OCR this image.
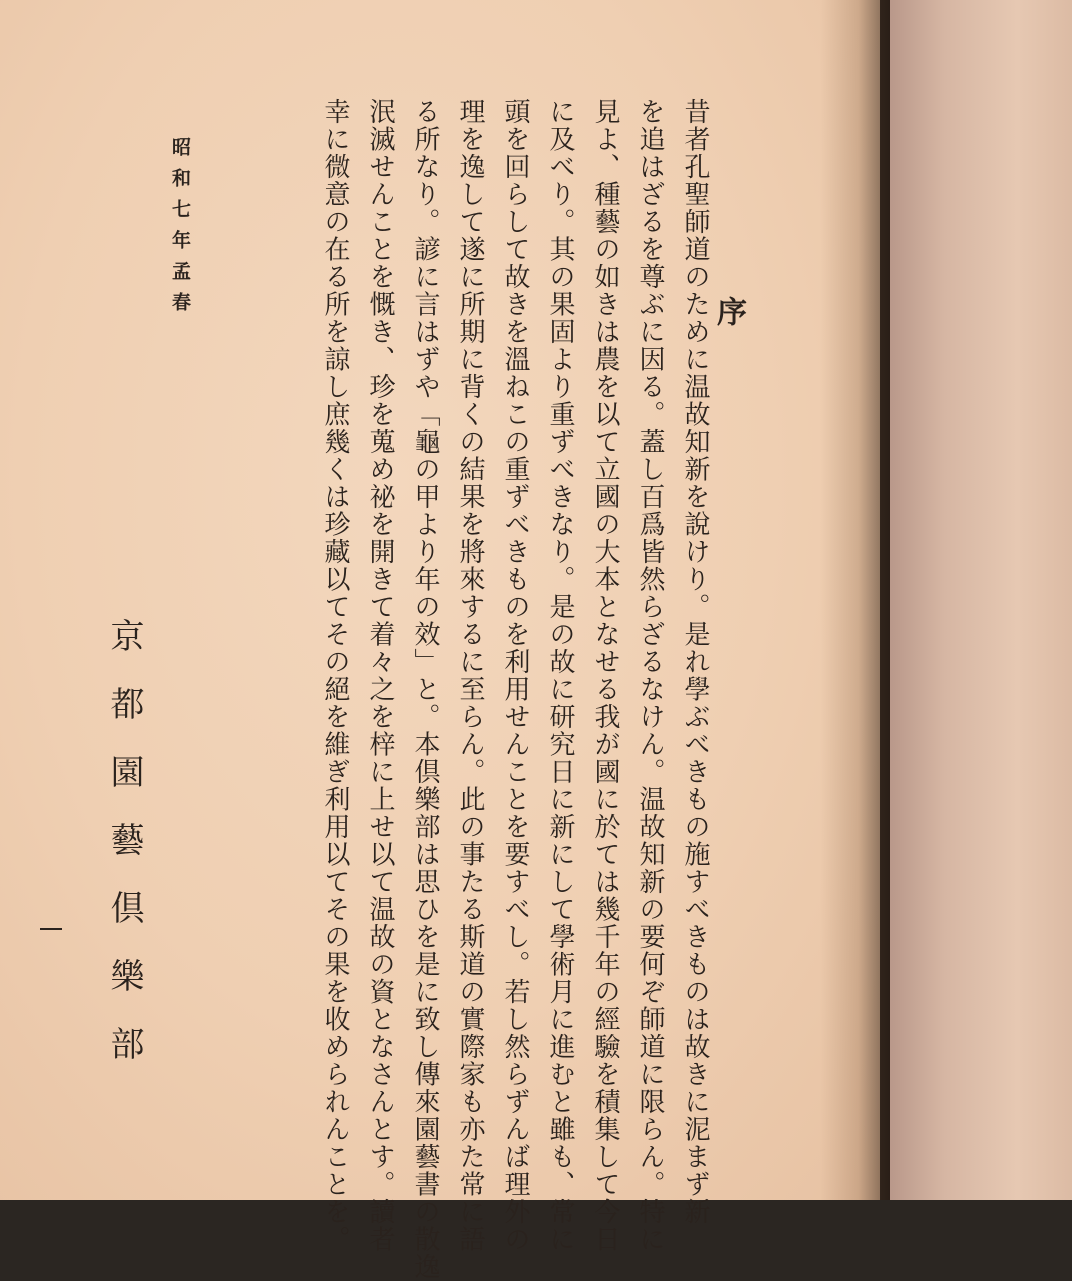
序
昔者孔聖師道のために温故知新を說けり。是れ學ぶべきもの施すべきものは故きに泥まず新
を追はざるを尊ぶに因る。蓋し百爲皆然らざるなけん。温故知新の要何ぞ師道に限らん。特に
見よ、種藝の如きは農を以て立國の大本となせる我が國に於ては幾千年の經驗を積集して今日
に及べり。其の果固より重ずべきなり。是の故に研究日に新にして學術月に進むと雖も、常に
頭を回らして故きを溫ねこの重ずべきものを利用せんことを要すべし。若し然らずんば理外の
理を逸して遂に所期に背くの結果を將來するに至らん。此の事たる斯道の實際家も亦た常に語
る所なり。諺に言はずや「龜の甲より年の效」と。本倶樂部は思ひを是に致し傳來園藝書の散逸
泯滅せんことを慨き、珍を蒐め祕を開きて着々之を梓に上せ以て温故の資となさんとす。讀者
幸に微意の在る所を諒し庶幾くは珍藏以てその絕を維ぎ利用以てその果を收められんことを。
昭和七年孟春
京都園藝倶樂部
